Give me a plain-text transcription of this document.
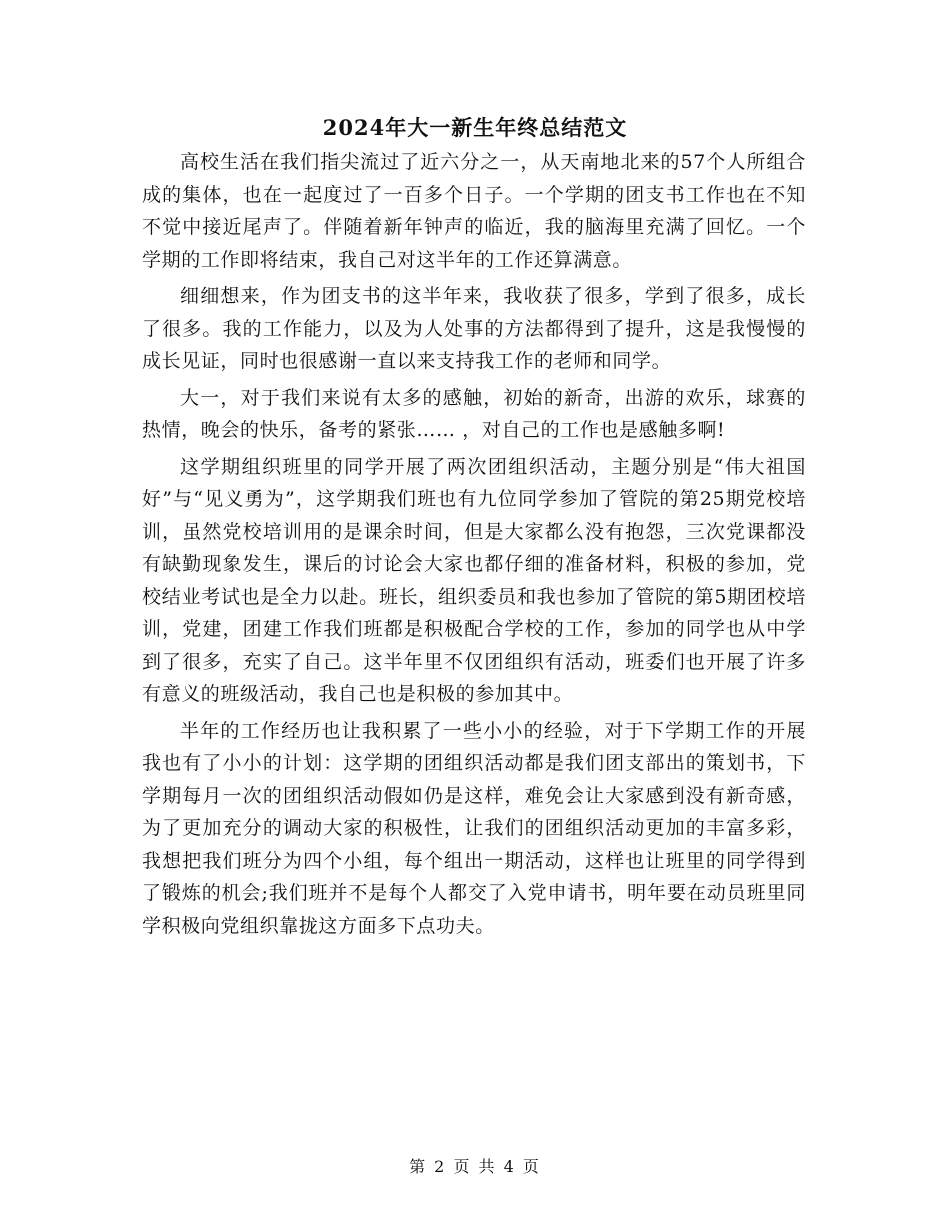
2024年大一新生年终总结范文

高校生活在我们指尖流过了近六分之一，从天南地北来的57个人所组合成的集体，也在一起度过了一百多个日子。一个学期的团支书工作也在不知不觉中接近尾声了。伴随着新年钟声的临近，我的脑海里充满了回忆。一个学期的工作即将结束，我自己对这半年的工作还算满意。

细细想来，作为团支书的这半年来，我收获了很多，学到了很多，成长了很多。我的工作能力，以及为人处事的方法都得到了提升，这是我慢慢的成长见证，同时也很感谢一直以来支持我工作的老师和同学。

大一，对于我们来说有太多的感触，初始的新奇，出游的欢乐，球赛的热情，晚会的快乐，备考的紧张…… ，对自己的工作也是感触多啊!

这学期组织班里的同学开展了两次团组织活动，主题分别是“伟大祖国好”与“见义勇为”，这学期我们班也有九位同学参加了管院的第25期党校培训，虽然党校培训用的是课余时间，但是大家都么没有抱怨，三次党课都没有缺勤现象发生，课后的讨论会大家也都仔细的准备材料，积极的参加，党校结业考试也是全力以赴。班长，组织委员和我也参加了管院的第5期团校培训，党建，团建工作我们班都是积极配合学校的工作，参加的同学也从中学到了很多，充实了自己。这半年里不仅团组织有活动，班委们也开展了许多有意义的班级活动，我自己也是积极的参加其中。

半年的工作经历也让我积累了一些小小的经验，对于下学期工作的开展我也有了小小的计划：这学期的团组织活动都是我们团支部出的策划书，下学期每月一次的团组织活动假如仍是这样，难免会让大家感到没有新奇感，为了更加充分的调动大家的积极性，让我们的团组织活动更加的丰富多彩，我想把我们班分为四个小组，每个组出一期活动，这样也让班里的同学得到了锻炼的机会;我们班并不是每个人都交了入党申请书，明年要在动员班里同学积极向党组织靠拢这方面多下点功夫。

第 2 页 共 4 页
